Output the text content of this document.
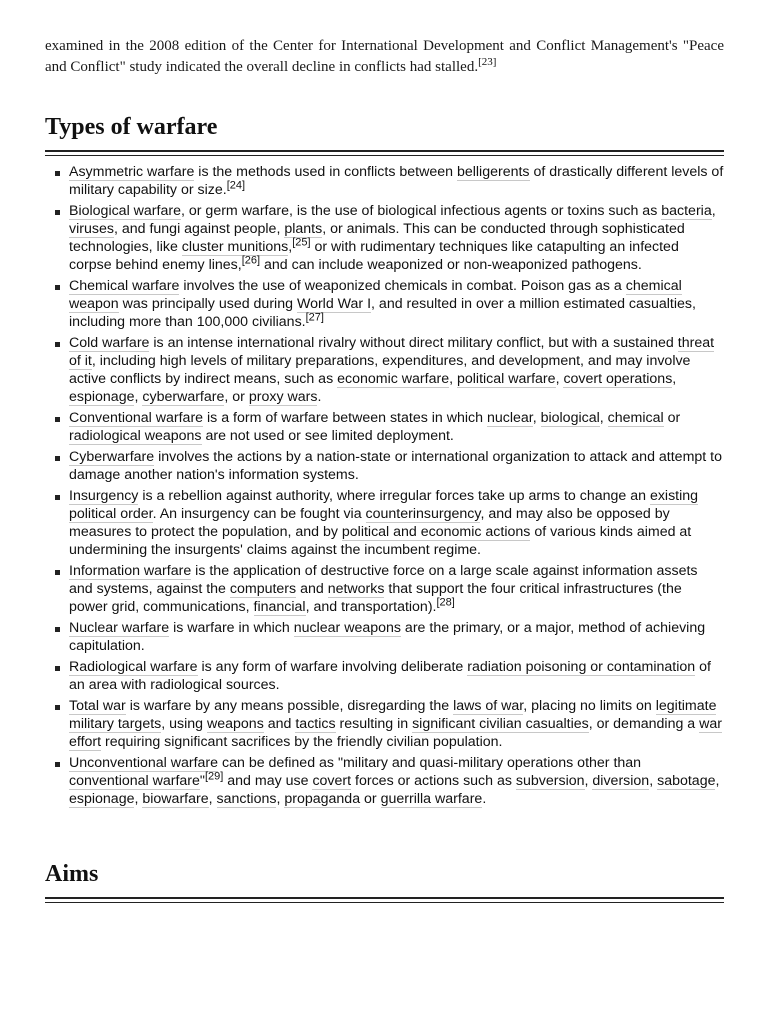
examined in the 2008 edition of the Center for International Development and Conflict Management's "Peace and Conflict" study indicated the overall decline in conflicts had stalled.[23]

Types of warfare
Asymmetric warfare is the methods used in conflicts between belligerents of drastically different levels of military capability or size.[24]
Biological warfare, or germ warfare, is the use of biological infectious agents or toxins such as bacteria, viruses, and fungi against people, plants, or animals. This can be conducted through sophisticated technologies, like cluster munitions,[25] or with rudimentary techniques like catapulting an infected corpse behind enemy lines,[26] and can include weaponized or non-weaponized pathogens.
Chemical warfare involves the use of weaponized chemicals in combat. Poison gas as a chemical weapon was principally used during World War I, and resulted in over a million estimated casualties, including more than 100,000 civilians.[27]
Cold warfare is an intense international rivalry without direct military conflict, but with a sustained threat of it, including high levels of military preparations, expenditures, and development, and may involve active conflicts by indirect means, such as economic warfare, political warfare, covert operations, espionage, cyberwarfare, or proxy wars.
Conventional warfare is a form of warfare between states in which nuclear, biological, chemical or radiological weapons are not used or see limited deployment.
Cyberwarfare involves the actions by a nation-state or international organization to attack and attempt to damage another nation's information systems.
Insurgency is a rebellion against authority, where irregular forces take up arms to change an existing political order. An insurgency can be fought via counterinsurgency, and may also be opposed by measures to protect the population, and by political and economic actions of various kinds aimed at undermining the insurgents' claims against the incumbent regime.
Information warfare is the application of destructive force on a large scale against information assets and systems, against the computers and networks that support the four critical infrastructures (the power grid, communications, financial, and transportation).[28]
Nuclear warfare is warfare in which nuclear weapons are the primary, or a major, method of achieving capitulation.
Radiological warfare is any form of warfare involving deliberate radiation poisoning or contamination of an area with radiological sources.
Total war is warfare by any means possible, disregarding the laws of war, placing no limits on legitimate military targets, using weapons and tactics resulting in significant civilian casualties, or demanding a war effort requiring significant sacrifices by the friendly civilian population.
Unconventional warfare can be defined as "military and quasi-military operations other than conventional warfare"[29] and may use covert forces or actions such as subversion, diversion, sabotage, espionage, biowarfare, sanctions, propaganda or guerrilla warfare.
Aims
